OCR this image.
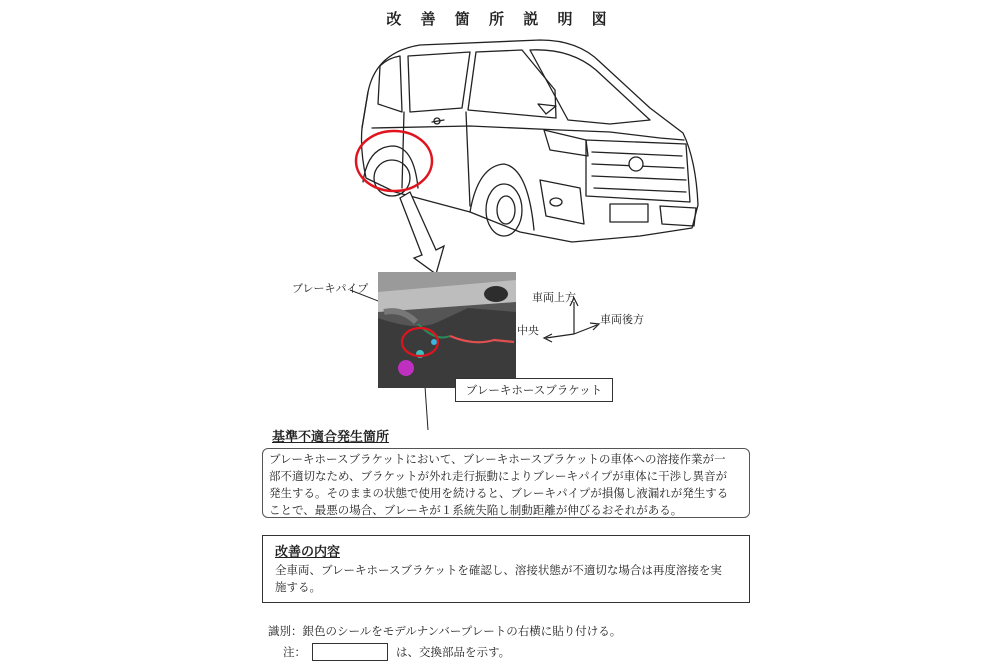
改 善 箇 所 説 明 図
ブレーキパイプ
車両上方
車両後方
中央
ブレーキホースブラケット
基準不適合発生箇所
ブレーキホースブラケットにおいて、ブレーキホースブラケットの車体への溶接作業が一
部不適切なため、ブラケットが外れ走行振動によりブレーキパイプが車体に干渉し異音が
発生する。そのままの状態で使用を続けると、ブレーキパイプが損傷し液漏れが発生する
ことで、最悪の場合、ブレーキが１系統失陥し制動距離が伸びるおそれがある。
改善の内容
全車両、ブレーキホースブラケットを確認し、溶接状態が不適切な場合は再度溶接を実
施する。
識別：銀色のシールをモデルナンバープレートの右横に貼り付ける。
注：	は、交換部品を示す。
